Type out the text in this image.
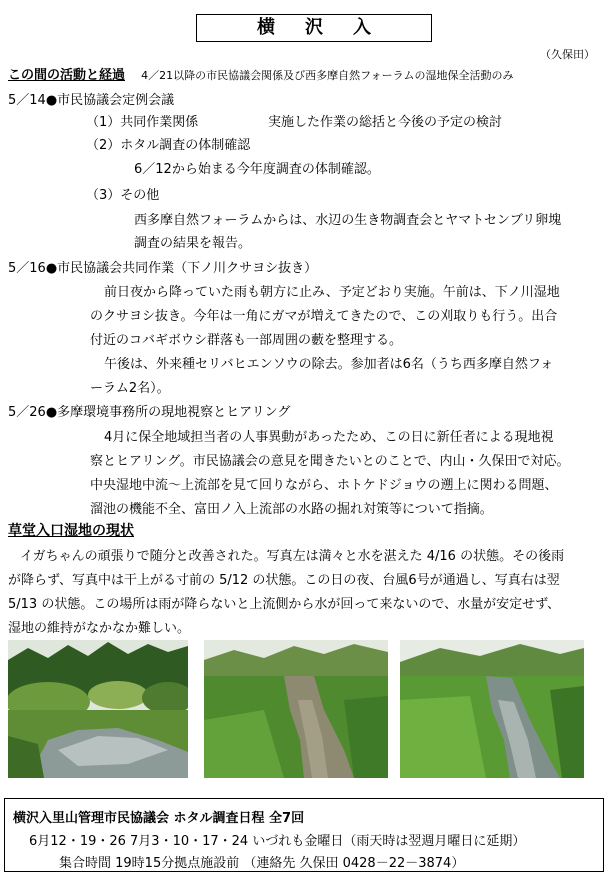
横沢入
（久保田）
この間の活動と経過 4／21以降の市民協議会関係及び西多摩自然フォーラムの湿地保全活動のみ
5／14●市民協議会定例会議
（1）共同作業関係	実施した作業の総括と今後の予定の検討
（2）ホタル調査の体制確認
6／12から始まる今年度調査の体制確認。
（3）その他
西多摩自然フォーラムからは、水辺の生き物調査会とヤマトセンブリ卵塊
調査の結果を報告。
5／16●市民協議会共同作業（下ノ川クサヨシ抜き）
前日夜から降っていた雨も朝方に止み、予定どおり実施。午前は、下ノ川湿地
のクサヨシ抜き。今年は一角にガマが増えてきたので、この刈取りも行う。出合
付近のコバギボウシ群落も一部周囲の藪を整理する。
午後は、外来種セリバヒエンソウの除去。参加者は6名（うち西多摩自然フォ
ーラム2名）。
5／26●多摩環境事務所の現地視察とヒアリング
4月に保全地域担当者の人事異動があったため、この日に新任者による現地視
察とヒアリング。市民協議会の意見を聞きたいとのことで、内山・久保田で対応。
中央湿地中流～上流部を見て回りながら、ホトケドジョウの遡上に関わる問題、
溜池の機能不全、富田ノ入上流部の水路の掘れ対策等について指摘。
草堂入口湿地の現状
イガちゃんの頑張りで随分と改善された。写真左は満々と水を湛えた 4/16 の状態。その後雨
が降らず、写真中は干上がる寸前の 5/12 の状態。この日の夜、台風6号が通過し、写真右は翌
5/13 の状態。この場所は雨が降らないと上流側から水が回って来ないので、水量が安定せず、
湿地の維持がなかなか難しい。
横沢入里山管理市民協議会 ホタル調査日程 全7回
6月12・19・26 7月3・10・17・24 いづれも金曜日（雨天時は翌週月曜日に延期）
集合時間 19時15分拠点施設前 （連絡先 久保田 0428－22－3874）
